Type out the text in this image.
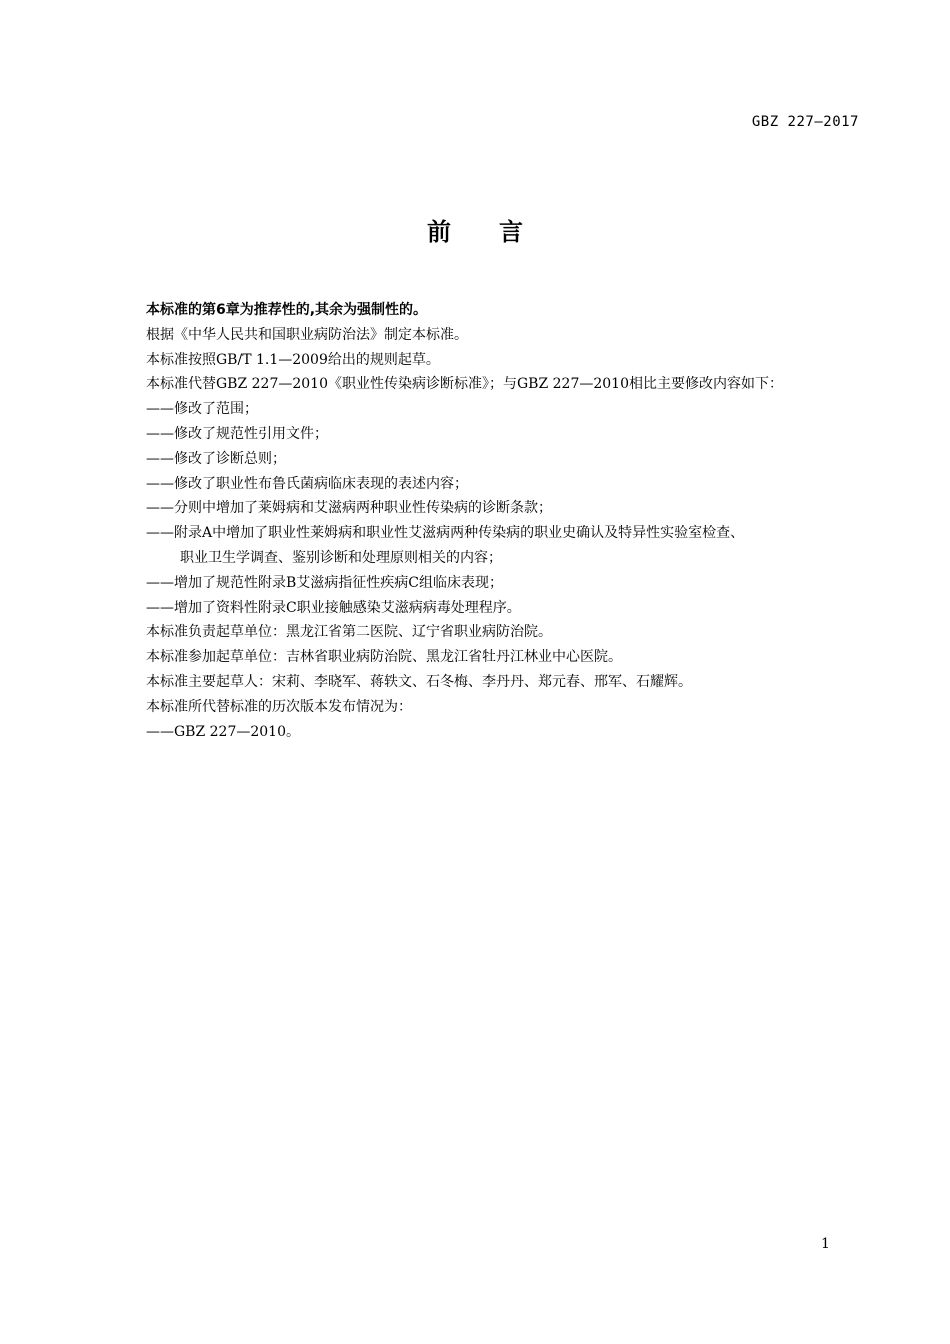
GBZ 227—2017
前言
本标准的第6章为推荐性的,其余为强制性的。
根据《中华人民共和国职业病防治法》制定本标准。
本标准按照GB/T 1.1—2009给出的规则起草。
本标准代替GBZ 227—2010《职业性传染病诊断标准》；与GBZ 227—2010相比主要修改内容如下：
——修改了范围；
——修改了规范性引用文件；
——修改了诊断总则；
——修改了职业性布鲁氏菌病临床表现的表述内容；
——分则中增加了莱姆病和艾滋病两种职业性传染病的诊断条款；
——附录A中增加了职业性莱姆病和职业性艾滋病两种传染病的职业史确认及特异性实验室检查、
职业卫生学调查、鉴别诊断和处理原则相关的内容；
——增加了规范性附录B艾滋病指征性疾病C组临床表现；
——增加了资料性附录C职业接触感染艾滋病病毒处理程序。
本标准负责起草单位：黑龙江省第二医院、辽宁省职业病防治院。
本标准参加起草单位：吉林省职业病防治院、黑龙江省牡丹江林业中心医院。
本标准主要起草人：宋莉、李晓军、蒋轶文、石冬梅、李丹丹、郑元春、邢军、石耀辉。
本标准所代替标准的历次版本发布情况为：
——GBZ 227—2010。
1
